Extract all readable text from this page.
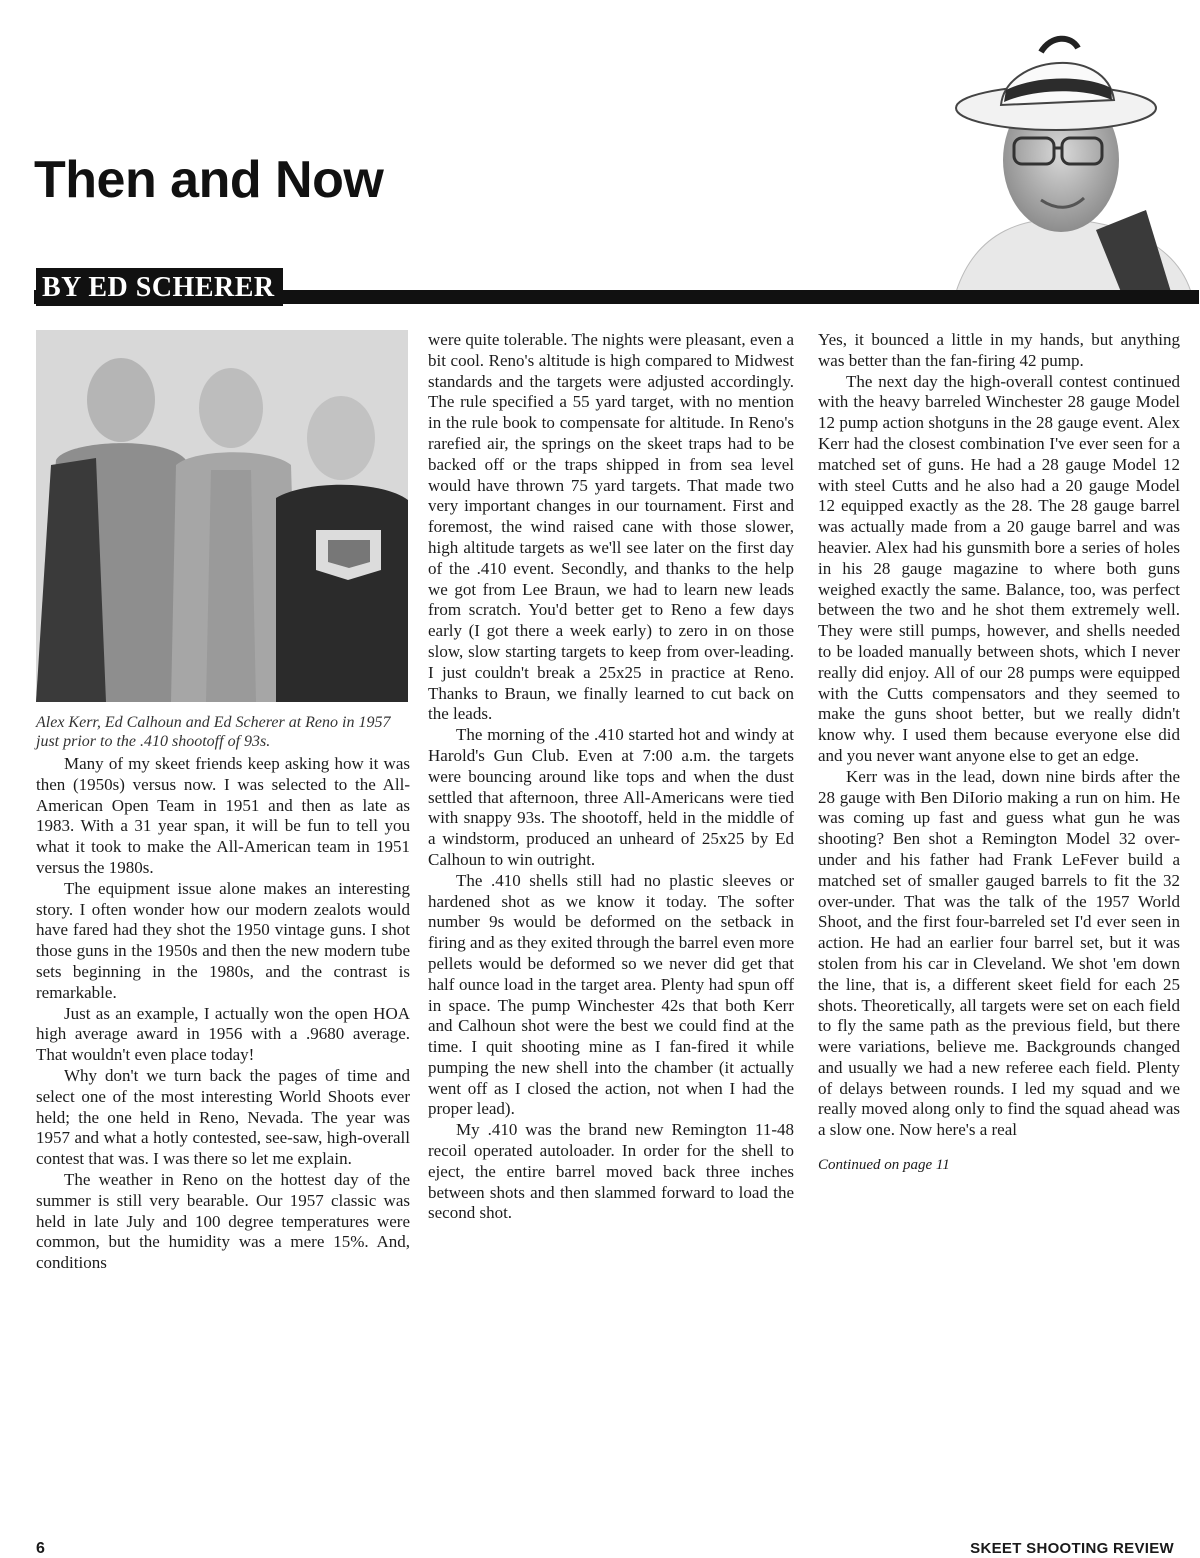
Then and Now
BY ED SCHERER
Alex Kerr, Ed Calhoun and Ed Scherer at Reno in 1957 just prior to the .410 shootoff of 93s.

Many of my skeet friends keep asking how it was then (1950s) versus now. I was selected to the All-American Open Team in 1951 and then as late as 1983. With a 31 year span, it will be fun to tell you what it took to make the All-American team in 1951 versus the 1980s.

The equipment issue alone makes an interesting story. I often wonder how our modern zealots would have fared had they shot the 1950 vintage guns. I shot those guns in the 1950s and then the new modern tube sets beginning in the 1980s, and the contrast is remarkable.

Just as an example, I actually won the open HOA high average award in 1956 with a .9680 average. That wouldn't even place today!

Why don't we turn back the pages of time and select one of the most interesting World Shoots ever held; the one held in Reno, Nevada. The year was 1957 and what a hotly contested, see-saw, high-overall contest that was. I was there so let me explain.

The weather in Reno on the hottest day of the summer is still very bearable. Our 1957 classic was held in late July and 100 degree temperatures were common, but the humidity was a mere 15%. And, conditions

were quite tolerable. The nights were pleasant, even a bit cool. Reno's altitude is high compared to Midwest standards and the targets were adjusted accordingly. The rule specified a 55 yard target, with no mention in the rule book to compensate for altitude. In Reno's rarefied air, the springs on the skeet traps had to be backed off or the traps shipped in from sea level would have thrown 75 yard targets. That made two very important changes in our tournament. First and foremost, the wind raised cane with those slower, high altitude targets as we'll see later on the first day of the .410 event. Secondly, and thanks to the help we got from Lee Braun, we had to learn new leads from scratch. You'd better get to Reno a few days early (I got there a week early) to zero in on those slow, slow starting targets to keep from over-leading. I just couldn't break a 25x25 in practice at Reno. Thanks to Braun, we finally learned to cut back on the leads.

The morning of the .410 started hot and windy at Harold's Gun Club. Even at 7:00 a.m. the targets were bouncing around like tops and when the dust settled that afternoon, three All-Americans were tied with snappy 93s. The shootoff, held in the middle of a windstorm, produced an unheard of 25x25 by Ed Calhoun to win outright.

The .410 shells still had no plastic sleeves or hardened shot as we know it today. The softer number 9s would be deformed on the setback in firing and as they exited through the barrel even more pellets would be deformed so we never did get that half ounce load in the target area. Plenty had spun off in space. The pump Winchester 42s that both Kerr and Calhoun shot were the best we could find at the time. I quit shooting mine as I fan-fired it while pumping the new shell into the chamber (it actually went off as I closed the action, not when I had the proper lead).

My .410 was the brand new Remington 11-48 recoil operated autoloader. In order for the shell to eject, the entire barrel moved back three inches between shots and then slammed forward to load the second shot.

Yes, it bounced a little in my hands, but anything was better than the fan-firing 42 pump.

The next day the high-overall contest continued with the heavy barreled Winchester 28 gauge Model 12 pump action shotguns in the 28 gauge event. Alex Kerr had the closest combination I've ever seen for a matched set of guns. He had a 28 gauge Model 12 with steel Cutts and he also had a 20 gauge Model 12 equipped exactly as the 28. The 28 gauge barrel was actually made from a 20 gauge barrel and was heavier. Alex had his gunsmith bore a series of holes in his 28 gauge magazine to where both guns weighed exactly the same. Balance, too, was perfect between the two and he shot them extremely well. They were still pumps, however, and shells needed to be loaded manually between shots, which I never really did enjoy. All of our 28 pumps were equipped with the Cutts compensators and they seemed to make the guns shoot better, but we really didn't know why. I used them because everyone else did and you never want anyone else to get an edge.

Kerr was in the lead, down nine birds after the 28 gauge with Ben DiIorio making a run on him. He was coming up fast and guess what gun he was shooting? Ben shot a Remington Model 32 over-under and his father had Frank LeFever build a matched set of smaller gauged barrels to fit the 32 over-under. That was the talk of the 1957 World Shoot, and the first four-barreled set I'd ever seen in action. He had an earlier four barrel set, but it was stolen from his car in Cleveland. We shot 'em down the line, that is, a different skeet field for each 25 shots. Theoretically, all targets were set on each field to fly the same path as the previous field, but there were variations, believe me. Backgrounds changed and usually we had a new referee each field. Plenty of delays between rounds. I led my squad and we really moved along only to find the squad ahead was a slow one. Now here's a real

Continued on page 11

6	SKEET SHOOTING REVIEW
